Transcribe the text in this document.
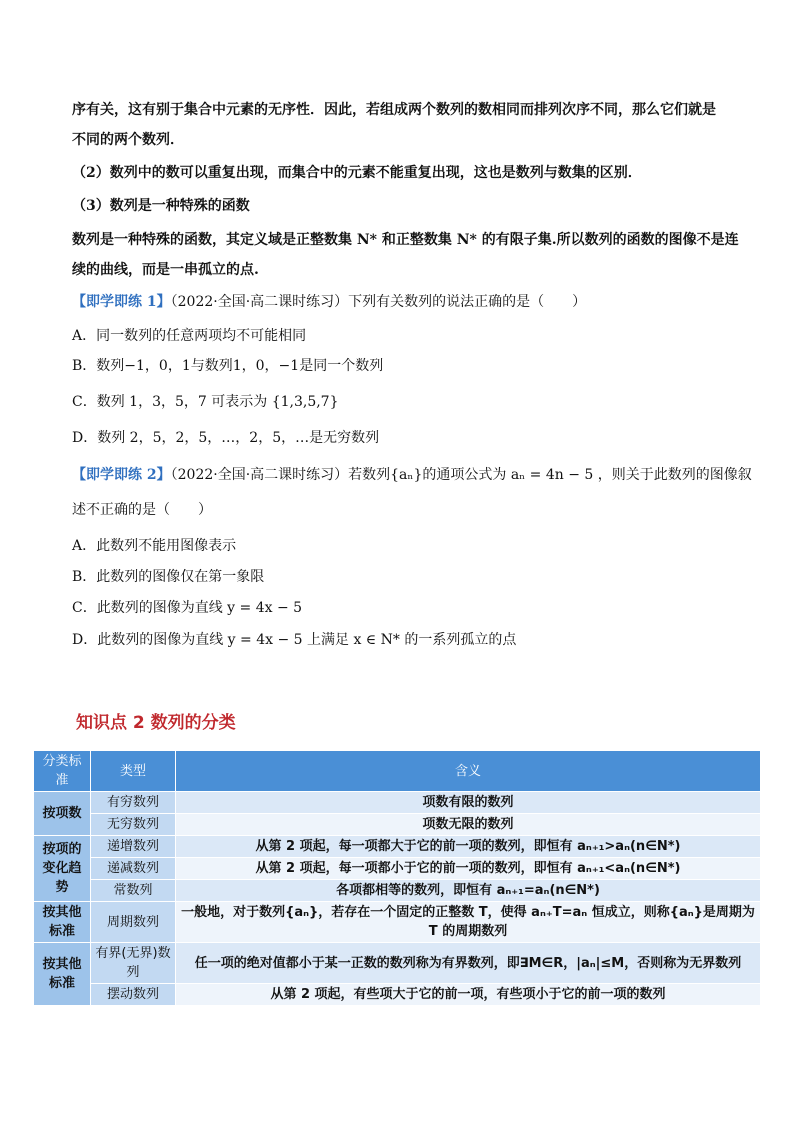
序有关，这有别于集合中元素的无序性．因此，若组成两个数列的数相同而排列次序不同，那么它们就是
不同的两个数列．
（2）数列中的数可以重复出现，而集合中的元素不能重复出现，这也是数列与数集的区别．
（3）数列是一种特殊的函数
数列是一种特殊的函数，其定义域是正整数集 N* 和正整数集 N* 的有限子集.所以数列的函数的图像不是连
续的曲线，而是一串孤立的点.
【即学即练 1】（2022·全国·高二课时练习）下列有关数列的说法正确的是（　　）
A．同一数列的任意两项均不可能相同
B．数列−1，0，1与数列1，0，−1是同一个数列
C．数列 1，3，5，7 可表示为 {1,3,5,7}
D．数列 2，5，2，5，…，2，5，…是无穷数列
【即学即练 2】（2022·全国·高二课时练习）若数列{aₙ}的通项公式为 aₙ = 4n − 5 ，则关于此数列的图像叙
述不正确的是（　　）
A．此数列不能用图像表示
B．此数列的图像仅在第一象限
C．此数列的图像为直线 y = 4x − 5
D．此数列的图像为直线 y = 4x − 5 上满足 x ∈ N* 的一系列孤立的点
知识点 2 数列的分类
分类标准	类型	含义
按项数	有穷数列	项数有限的数列
	无穷数列	项数无限的数列
按项的变化趋势	递增数列	从第 2 项起，每一项都大于它的前一项的数列，即恒有 aₙ₊₁>aₙ(n∈N*)
	递减数列	从第 2 项起，每一项都小于它的前一项的数列，即恒有 aₙ₊₁<aₙ(n∈N*)
	常数列	各项都相等的数列，即恒有 aₙ₊₁=aₙ(n∈N*)
按其他标准	周期数列	一般地，对于数列{aₙ}，若存在一个固定的正整数 T，使得 aₙ₊T=aₙ 恒成立，则称{aₙ}是周期为 T 的周期数列
按其他标准	有界(无界)数列	任一项的绝对值都小于某一正数的数列称为有界数列，即∃M∈R，|aₙ|≤M，否则称为无界数列
	摆动数列	从第 2 项起，有些项大于它的前一项，有些项小于它的前一项的数列
